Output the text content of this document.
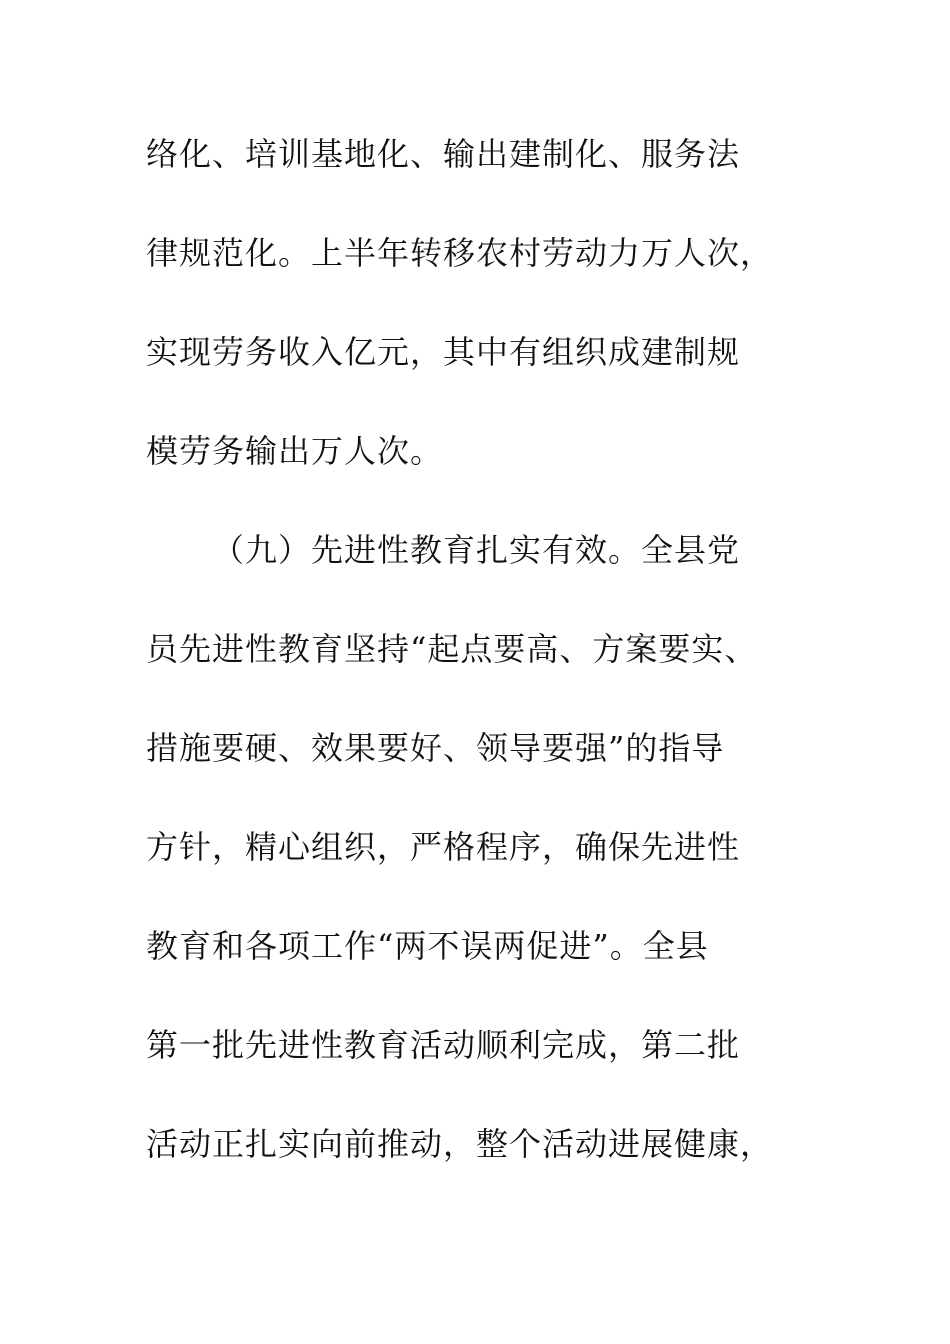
络化、培训基地化、输出建制化、服务法
律规范化。上半年转移农村劳动力万人次，
实现劳务收入亿元，其中有组织成建制规
模劳务输出万人次。
（九）先进性教育扎实有效。全县党
员先进性教育坚持“起点要高、方案要实、
措施要硬、效果要好、领导要强”的指导
方针，精心组织，严格程序，确保先进性
教育和各项工作“两不误两促进”。全县
第一批先进性教育活动顺利完成，第二批
活动正扎实向前推动，整个活动进展健康，
